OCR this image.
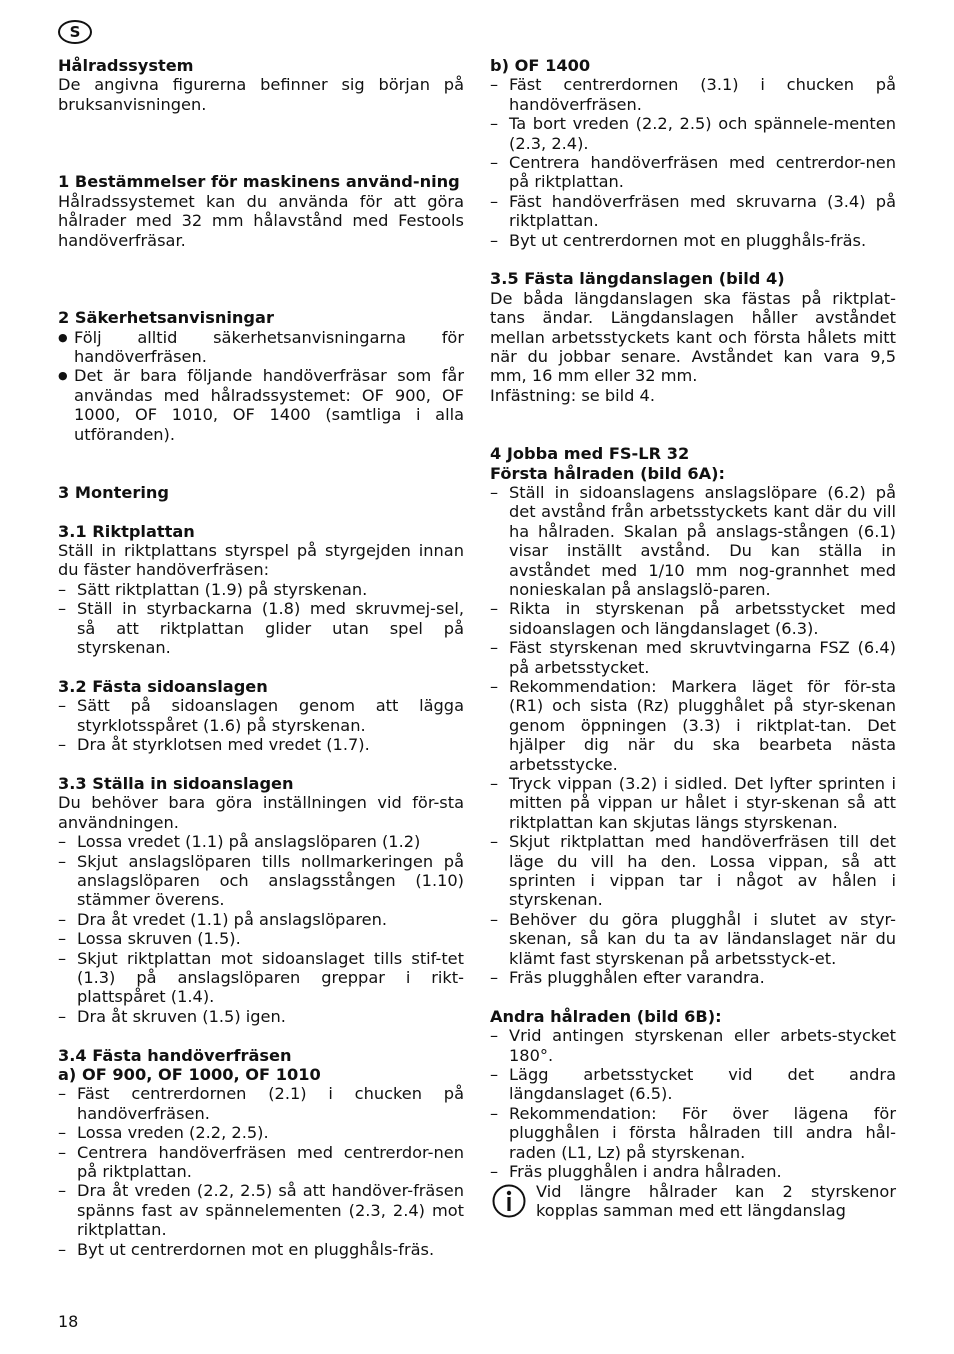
S

Hålradssystem

De angivna figurerna befinner sig början på bruksanvisningen.

1 Bestämmelser för maskinens använd-ning

Hålradssystemet kan du använda för att göra hålrader med 32 mm hålavstånd med Festools handöverfräsar.

2 Säkerhetsanvisningar

● Följ alltid säkerhetsanvisningarna för handöverfräsen.
● Det är bara följande handöverfräsar som får användas med hålradssystemet: OF 900, OF 1000, OF 1010, OF 1400 (samtliga i alla utföranden).

3 Montering

3.1 Riktplattan

Ställ in riktplattans styrspel på styrgejden innan du fäster handöverfräsen:

– Sätt riktplattan (1.9) på styrskenan.
– Ställ in styrbackarna (1.8) med skruvmej-sel, så att riktplattan glider utan spel på styrskenan.

3.2 Fästa sidoanslagen

– Sätt på sidoanslagen genom att lägga styrklotsspåret (1.6) på styrskenan.
– Dra åt styrklotsen med vredet (1.7).

3.3 Ställa in sidoanslagen

Du behöver bara göra inställningen vid för-sta användningen.

– Lossa vredet (1.1) på anslagslöparen (1.2)
– Skjut anslagslöparen tills nollmarkeringen på anslagslöparen och anslagsstången (1.10) stämmer överens.
– Dra åt vredet (1.1) på anslagslöparen.
– Lossa skruven (1.5).
– Skjut riktplattan mot sidoanslaget tills stif-tet (1.3) på anslagslöparen greppar i rikt-plattspåret (1.4).
– Dra åt skruven (1.5) igen.

3.4 Fästa handöverfräsen

a) OF 900, OF 1000, OF 1010

– Fäst centrerdornen (2.1) i chucken på handöverfräsen.
– Lossa vreden (2.2, 2.5).
– Centrera handöverfräsen med centrerdor-nen på riktplattan.
– Dra åt vreden (2.2, 2.5) så att handöver-fräsen spänns fast av spännelementen (2.3, 2.4) mot riktplattan.
– Byt ut centrerdornen mot en plugghåls-fräs.

b) OF 1400

– Fäst centrerdornen (3.1) i chucken på handöverfräsen.
– Ta bort vreden (2.2, 2.5) och spännele-menten (2.3, 2.4).
– Centrera handöverfräsen med centrerdor-nen på riktplattan.
– Fäst handöverfräsen med skruvarna (3.4) på riktplattan.
– Byt ut centrerdornen mot en plugghåls-fräs.

3.5 Fästa längdanslagen (bild 4)

De båda längdanslagen ska fästas på riktplat-tans ändar. Längdanslagen håller avståndet mellan arbetsstyckets kant och första hålets mitt när du jobbar senare. Avståndet kan vara 9,5 mm, 16 mm eller 32 mm.

Infästning: se bild 4.

4 Jobba med FS-LR 32

Första hålraden (bild 6A):

– Ställ in sidoanslagens anslagslöpare (6.2) på det avstånd från arbetsstyckets kant där du vill ha hålraden. Skalan på anslags-stången (6.1) visar inställt avstånd. Du kan ställa in avståndet med 1/10 mm nog-grannhet med nonieskalan på anslagslö-paren.
– Rikta in styrskenan på arbetsstycket med sidoanslagen och längdanslaget (6.3).
– Fäst styrskenan med skruvtvingarna FSZ (6.4) på arbetsstycket.
– Rekommendation: Markera läget för för-sta (R1) och sista (Rz) plugghålet på styr-skenan genom öppningen (3.3) i riktplat-tan. Det hjälper dig när du ska bearbeta nästa arbetsstycke.
– Tryck vippan (3.2) i sidled. Det lyfter sprinten i mitten på vippan ur hålet i styr-skenan så att riktplattan kan skjutas längs styrskenan.
– Skjut riktplattan med handöverfräsen till det läge du vill ha den. Lossa vippan, så att sprinten i vippan tar i något av hålen i styrskenan.
– Behöver du göra plugghål i slutet av styr-skenan, så kan du ta av ländanslaget när du klämt fast styrskenan på arbetsstyck-et.
– Fräs plugghålen efter varandra.

Andra hålraden (bild 6B):

– Vrid antingen styrskenan eller arbets-stycket 180°.
– Lägg arbetsstycket vid det andra längdanslaget (6.5).
– Rekommendation: För över lägena för plugghålen i första hålraden till andra hål-raden (L1, Lz) på styrskenan.
– Fräs plugghålen i andra hålraden.
Vid längre hålrader kan 2 styrskenor kopplas samman med ett längdanslag
18
